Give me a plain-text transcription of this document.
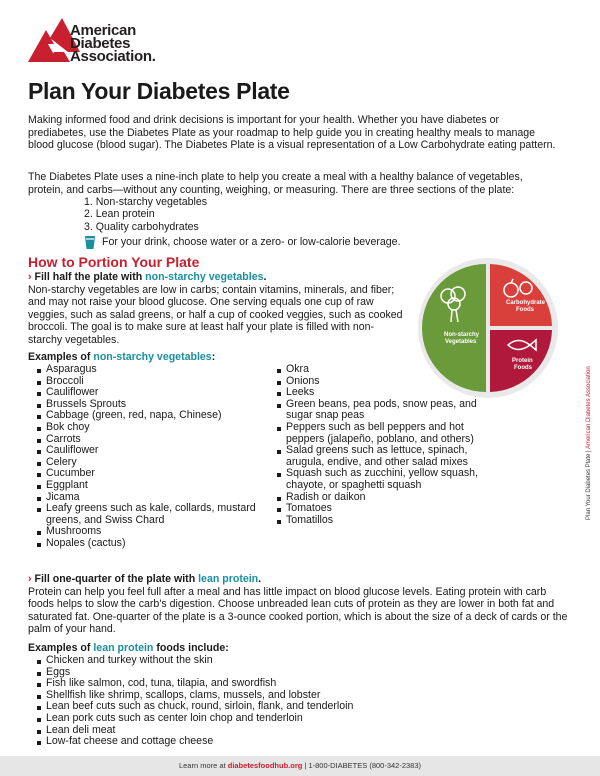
American
Diabetes
Association.
Plan Your Diabetes Plate

Making informed food and drink decisions is important for your health. Whether you have diabetes or prediabetes, use the Diabetes Plate as your roadmap to help guide you in creating healthy meals to manage blood glucose (blood sugar). The Diabetes Plate is a visual representation of a Low Carbohydrate eating pattern.

The Diabetes Plate uses a nine-inch plate to help you create a meal with a healthy balance of vegetables, protein, and carbs—without any counting, weighing, or measuring. There are three sections of the plate:

1. Non-starchy vegetables
2. Lean protein
3. Quality carbohydrates
For your drink, choose water or a zero- or low-calorie beverage.
How to Portion Your Plate

› Fill half the plate with non-starchy vegetables.

Non-starchy vegetables are low in carbs; contain vitamins, minerals, and fiber; and may not raise your blood glucose. One serving equals one cup of raw veggies, such as salad greens, or half a cup of cooked veggies, such as cooked broccoli. The goal is to make sure at least half your plate is filled with non-starchy vegetables.

Examples of non-starchy vegetables:

Asparagus
Broccoli
Cauliflower
Brussels Sprouts
Cabbage (green, red, napa, Chinese)
Bok choy
Carrots
Cauliflower
Celery
Cucumber
Eggplant
Jicama
Leafy greens such as kale, collards, mustard greens, and Swiss Chard
Mushrooms
Nopales (cactus)
Okra
Onions
Leeks
Green beans, pea pods, snow peas, and sugar snap peas
Peppers such as bell peppers and hot peppers (jalapeño, poblano, and others)
Salad greens such as lettuce, spinach, arugula, endive, and other salad mixes
Squash such as zucchini, yellow squash, chayote, or spaghetti squash
Radish or daikon
Tomatoes
Tomatillos
Non-starchy
Vegetables
Carbohydrate
Foods
Protein
Foods

› Fill one-quarter of the plate with lean protein.

Protein can help you feel full after a meal and has little impact on blood glucose levels. Eating protein with carb foods helps to slow the carb's digestion. Choose unbreaded lean cuts of protein as they are lower in both fat and saturated fat. One-quarter of the plate is a 3-ounce cooked portion, which is about the size of a deck of cards or the palm of your hand.

Examples of lean protein foods include:

Chicken and turkey without the skin
Eggs
Fish like salmon, cod, tuna, tilapia, and swordfish
Shellfish like shrimp, scallops, clams, mussels, and lobster
Lean beef cuts such as chuck, round, sirloin, flank, and tenderloin
Lean pork cuts such as center loin chop and tenderloin
Lean deli meat
Low-fat cheese and cottage cheese
Plan Your Diabetes Plate | American Diabetes Association
Learn more at diabetesfoodhub.org | 1-800-DIABETES (800-342-2383)
